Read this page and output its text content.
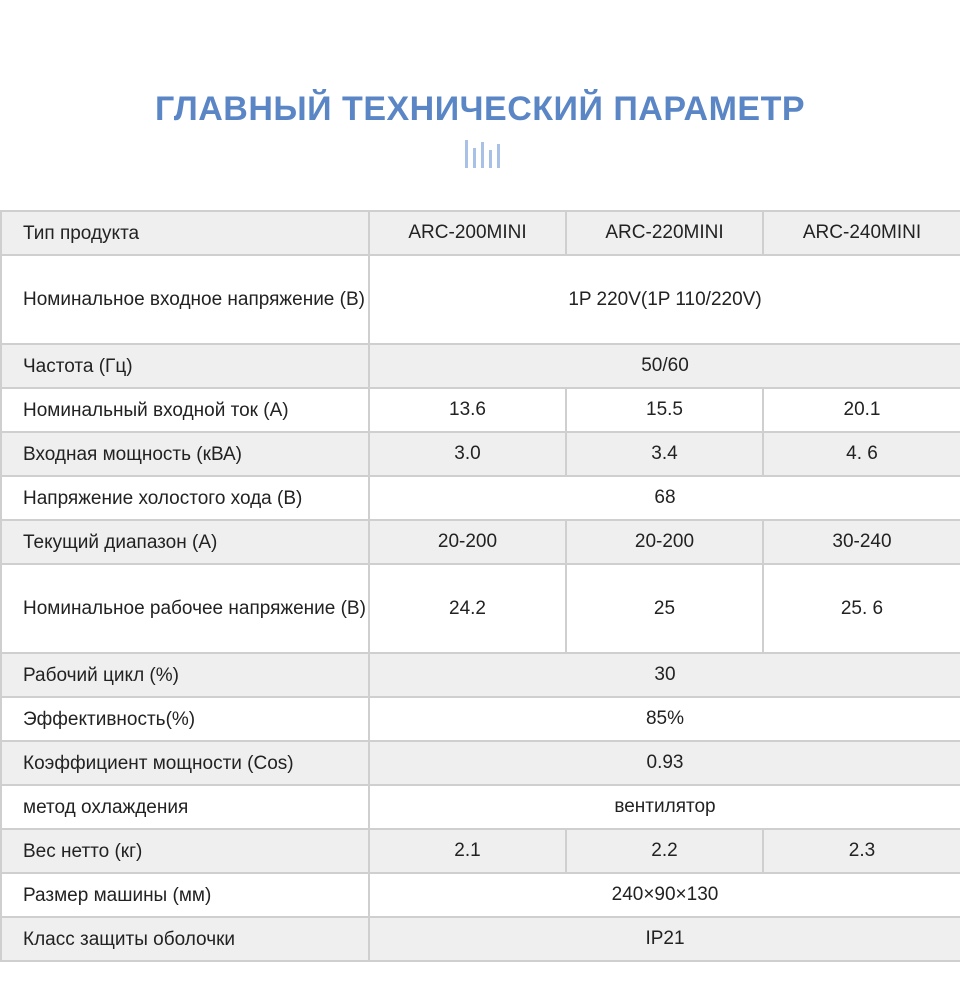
ГЛАВНЫЙ ТЕХНИЧЕСКИЙ ПАРАМЕТР
Тип продукта	ARC-200MINI	ARC-220MINI	ARC-240MINI
Номинальное входное напряжение (В)	1P 220V(1P 110/220V)		
Частота (Гц)	50/60		
Номинальный входной ток (А)	13.6	15.5	20.1
Входная мощность (кВА)	3.0	3.4	4. 6
Напряжение холостого хода (В)	68		
Текущий диапазон (А)	20-200	20-200	30-240
Номинальное рабочее напряжение (В)	24.2	25	25. 6
Рабочий цикл (%)	30		
Эффективность(%)	85%		
Коэффициент мощности (Cos)	0.93		
метод охлаждения	вентилятор		
Вес нетто (кг)	2.1	2.2	2.3
Размер машины (мм)	240×90×130		
Класс защиты оболочки	IP21		
